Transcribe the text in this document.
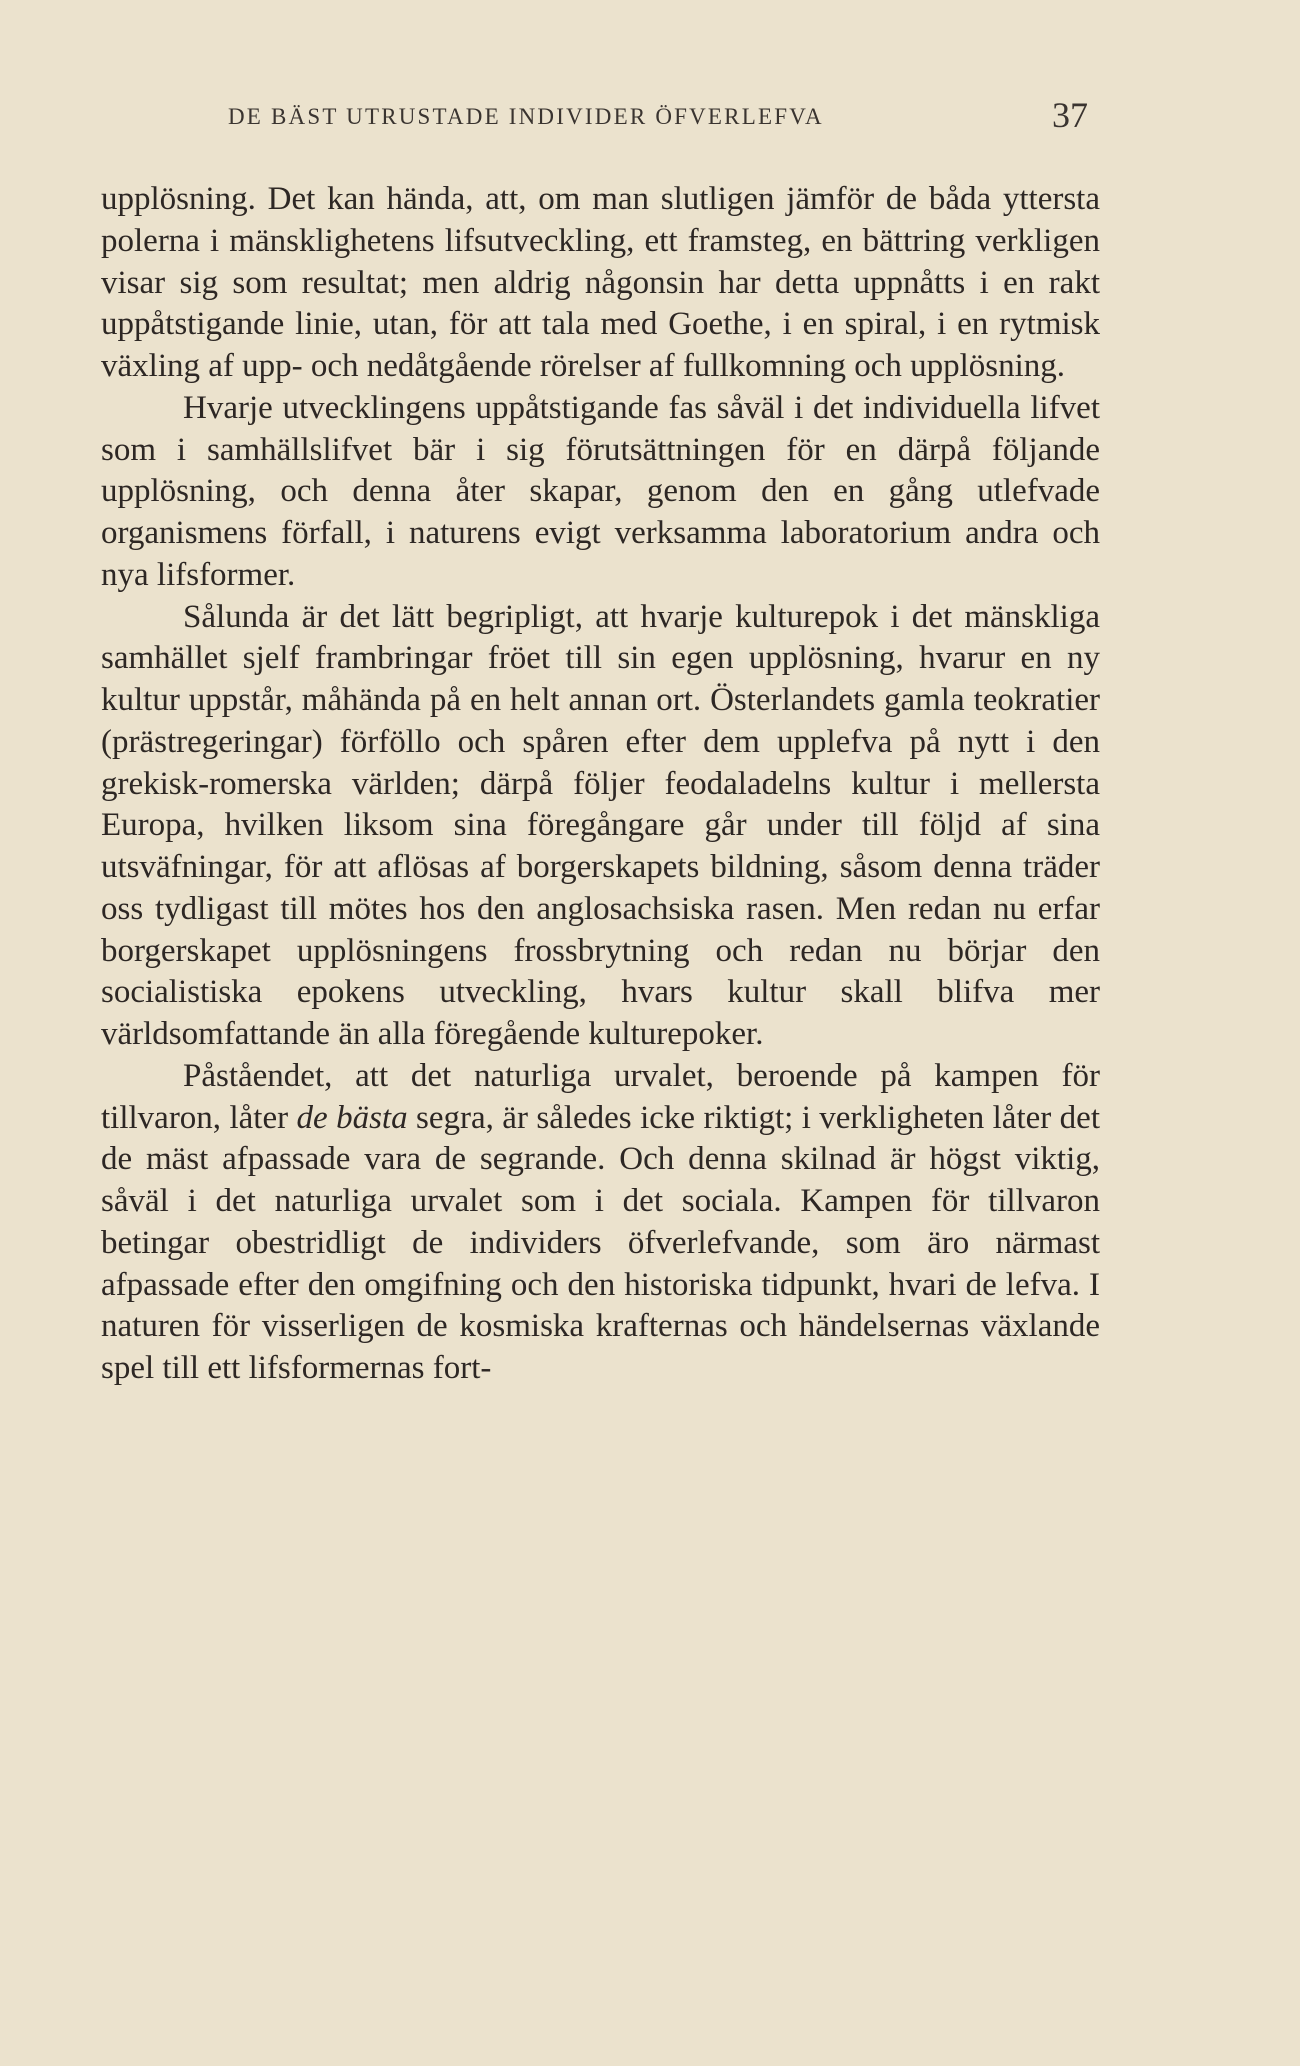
DE BÄST UTRUSTADE INDIVIDER ÖFVERLEFVA	37

upplösning. Det kan hända, att, om man slutligen jämför de båda yttersta polerna i mänsklighetens lifsutveckling, ett framsteg, en bättring verkligen visar sig som resultat; men aldrig någonsin har detta uppnåtts i en rakt uppåtstigande linie, utan, för att tala med Goethe, i en spiral, i en rytmisk växling af upp- och nedåtgående rörelser af fullkomning och upplösning.

Hvarje utvecklingens uppåtstigande fas såväl i det individuella lifvet som i samhällslifvet bär i sig förutsättningen för en därpå följande upplösning, och denna åter skapar, genom den en gång utlefvade organismens förfall, i naturens evigt verksamma laboratorium andra och nya lifsformer.

Sålunda är det lätt begripligt, att hvarje kulturepok i det mänskliga samhället sjelf frambringar fröet till sin egen upplösning, hvarur en ny kultur uppstår, måhända på en helt annan ort. Österlandets gamla teokratier (prästregeringar) förföllo och spåren efter dem upplefva på nytt i den grekisk-romerska världen; därpå följer feodaladelns kultur i mellersta Europa, hvilken liksom sina föregångare går under till följd af sina utsväfningar, för att aflösas af borgerskapets bildning, såsom denna träder oss tydligast till mötes hos den anglosachsiska rasen. Men redan nu erfar borgerskapet upplösningens frossbrytning och redan nu börjar den socialistiska epokens utveckling, hvars kultur skall blifva mer världsomfattande än alla föregående kulturepoker.

Påståendet, att det naturliga urvalet, beroende på kampen för tillvaron, låter de bästa segra, är således icke riktigt; i verkligheten låter det de mäst afpassade vara de segrande. Och denna skilnad är högst viktig, såväl i det naturliga urvalet som i det sociala. Kampen för tillvaron betingar obestridligt de individers öfverlefvande, som äro närmast afpassade efter den omgifning och den historiska tidpunkt, hvari de lefva. I naturen för visserligen de kosmiska krafternas och händelsernas växlande spel till ett lifsformernas fort-
